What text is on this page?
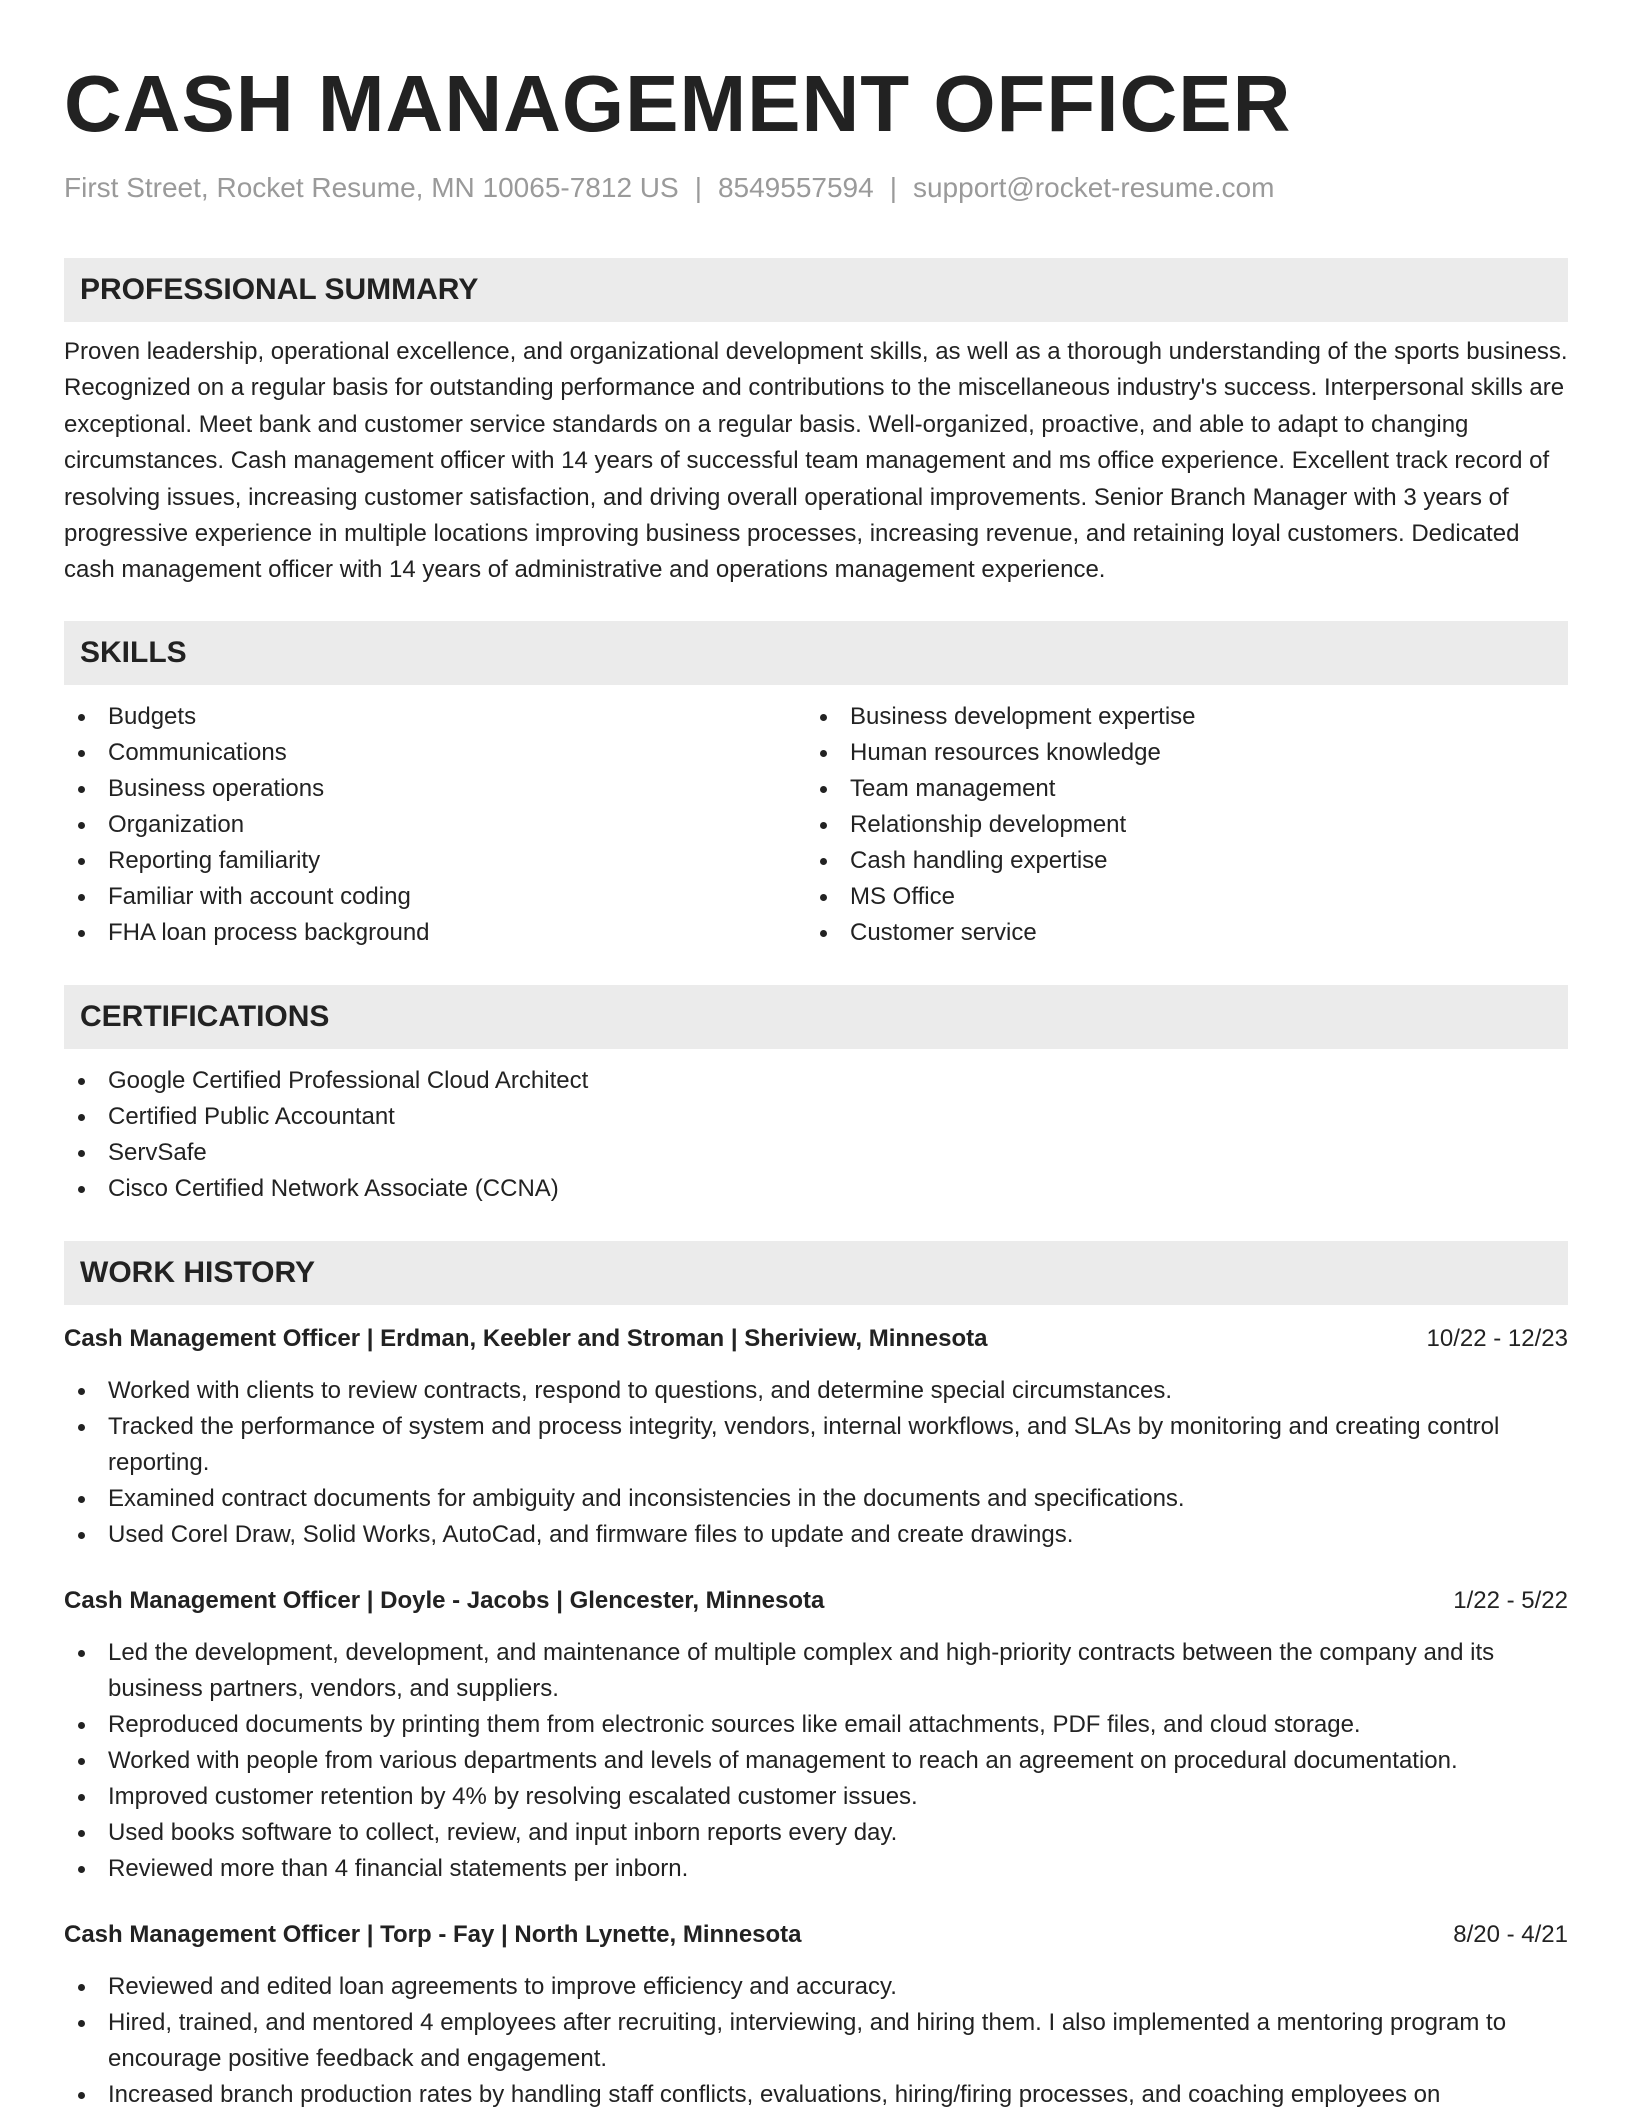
CASH MANAGEMENT OFFICER
First Street, Rocket Resume, MN 10065-7812 US | 8549557594 | support@rocket-resume.com
PROFESSIONAL SUMMARY
Proven leadership, operational excellence, and organizational development skills, as well as a thorough understanding of the sports business. Recognized on a regular basis for outstanding performance and contributions to the miscellaneous industry's success. Interpersonal skills are exceptional. Meet bank and customer service standards on a regular basis. Well-organized, proactive, and able to adapt to changing circumstances. Cash management officer with 14 years of successful team management and ms office experience. Excellent track record of resolving issues, increasing customer satisfaction, and driving overall operational improvements. Senior Branch Manager with 3 years of progressive experience in multiple locations improving business processes, increasing revenue, and retaining loyal customers. Dedicated cash management officer with 14 years of administrative and operations management experience.
SKILLS
Budgets
Communications
Business operations
Organization
Reporting familiarity
Familiar with account coding
FHA loan process background
Business development expertise
Human resources knowledge
Team management
Relationship development
Cash handling expertise
MS Office
Customer service
CERTIFICATIONS
Google Certified Professional Cloud Architect
Certified Public Accountant
ServSafe
Cisco Certified Network Associate (CCNA)
WORK HISTORY
Cash Management Officer | Erdman, Keebler and Stroman | Sheriview, Minnesota	10/22 - 12/23
Worked with clients to review contracts, respond to questions, and determine special circumstances.
Tracked the performance of system and process integrity, vendors, internal workflows, and SLAs by monitoring and creating control reporting.
Examined contract documents for ambiguity and inconsistencies in the documents and specifications.
Used Corel Draw, Solid Works, AutoCad, and firmware files to update and create drawings.
Cash Management Officer | Doyle - Jacobs | Glencester, Minnesota	1/22 - 5/22
Led the development, development, and maintenance of multiple complex and high-priority contracts between the company and its business partners, vendors, and suppliers.
Reproduced documents by printing them from electronic sources like email attachments, PDF files, and cloud storage.
Worked with people from various departments and levels of management to reach an agreement on procedural documentation.
Improved customer retention by 4% by resolving escalated customer issues.
Used books software to collect, review, and input inborn reports every day.
Reviewed more than 4 financial statements per inborn.
Cash Management Officer | Torp - Fay | North Lynette, Minnesota	8/20 - 4/21
Reviewed and edited loan agreements to improve efficiency and accuracy.
Hired, trained, and mentored 4 employees after recruiting, interviewing, and hiring them. I also implemented a mentoring program to encourage positive feedback and engagement.
Increased branch production rates by handling staff conflicts, evaluations, hiring/firing processes, and coaching employees on
